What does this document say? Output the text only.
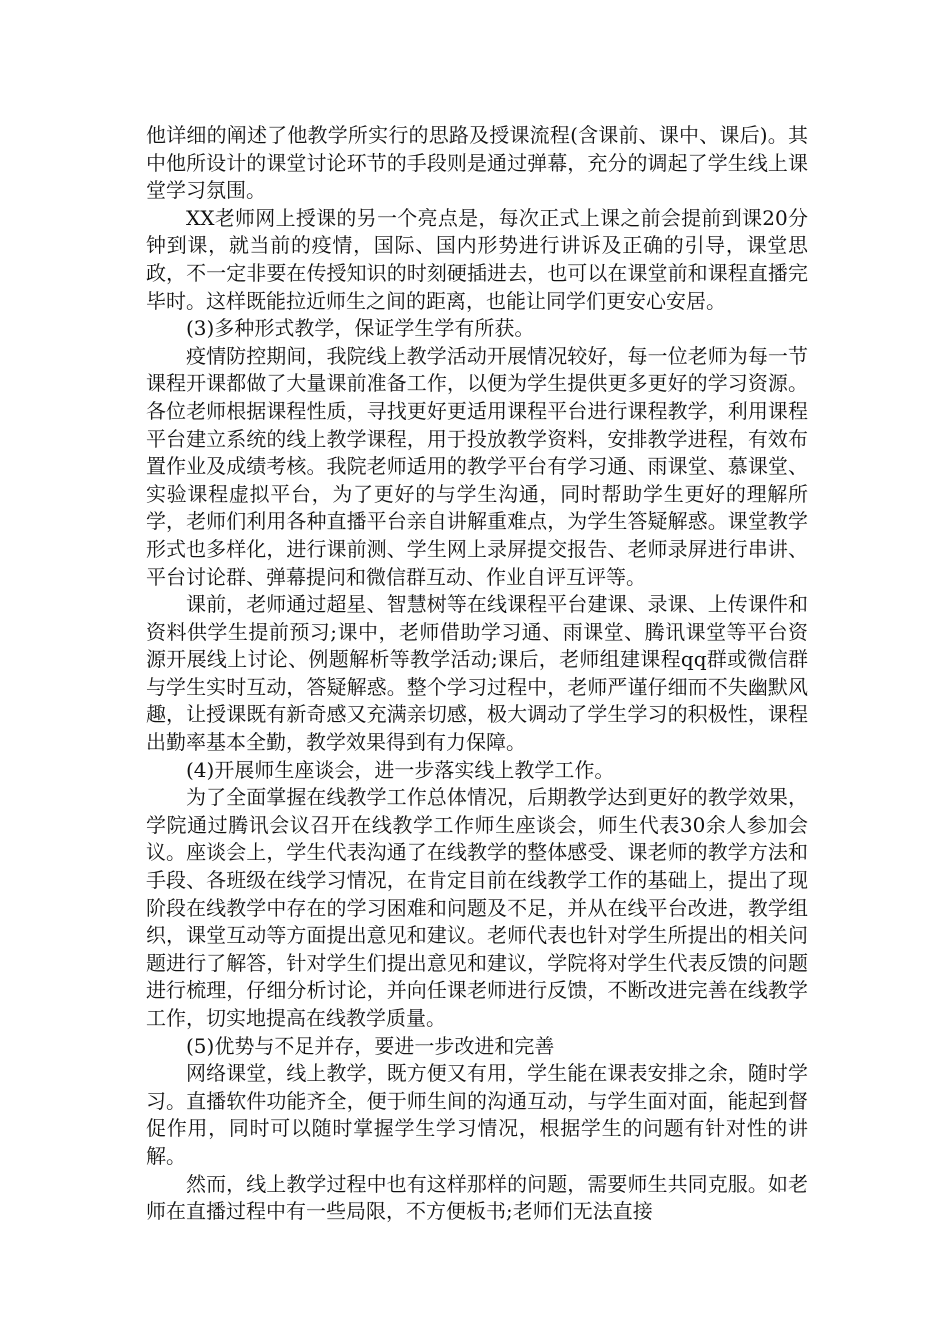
他详细的阐述了他教学所实行的思路及授课流程(含课前、课中、课后)。其中他所设计的课堂讨论环节的手段则是通过弹幕，充分的调起了学生线上课堂学习氛围。

XX老师网上授课的另一个亮点是，每次正式上课之前会提前到课20分钟到课，就当前的疫情，国际、国内形势进行讲诉及正确的引导，课堂思政，不一定非要在传授知识的时刻硬插进去，也可以在课堂前和课程直播完毕时。这样既能拉近师生之间的距离，也能让同学们更安心安居。

(3)多种形式教学，保证学生学有所获。

疫情防控期间，我院线上教学活动开展情况较好，每一位老师为每一节课程开课都做了大量课前准备工作，以便为学生提供更多更好的学习资源。各位老师根据课程性质，寻找更好更适用课程平台进行课程教学，利用课程平台建立系统的线上教学课程，用于投放教学资料，安排教学进程，有效布置作业及成绩考核。我院老师适用的教学平台有学习通、雨课堂、慕课堂、实验课程虚拟平台，为了更好的与学生沟通，同时帮助学生更好的理解所学，老师们利用各种直播平台亲自讲解重难点，为学生答疑解惑。课堂教学形式也多样化，进行课前测、学生网上录屏提交报告、老师录屏进行串讲、平台讨论群、弹幕提问和微信群互动、作业自评互评等。

课前，老师通过超星、智慧树等在线课程平台建课、录课、上传课件和资料供学生提前预习;课中，老师借助学习通、雨课堂、腾讯课堂等平台资源开展线上讨论、例题解析等教学活动;课后，老师组建课程qq群或微信群与学生实时互动，答疑解惑。整个学习过程中，老师严谨仔细而不失幽默风趣，让授课既有新奇感又充满亲切感，极大调动了学生学习的积极性，课程出勤率基本全勤，教学效果得到有力保障。

(4)开展师生座谈会，进一步落实线上教学工作。

为了全面掌握在线教学工作总体情况，后期教学达到更好的教学效果，学院通过腾讯会议召开在线教学工作师生座谈会，师生代表30余人参加会议。座谈会上，学生代表沟通了在线教学的整体感受、课老师的教学方法和手段、各班级在线学习情况，在肯定目前在线教学工作的基础上，提出了现阶段在线教学中存在的学习困难和问题及不足，并从在线平台改进，教学组织，课堂互动等方面提出意见和建议。老师代表也针对学生所提出的相关问题进行了解答，针对学生们提出意见和建议，学院将对学生代表反馈的问题进行梳理，仔细分析讨论，并向任课老师进行反馈，不断改进完善在线教学工作，切实地提高在线教学质量。

(5)优势与不足并存，要进一步改进和完善

网络课堂，线上教学，既方便又有用，学生能在课表安排之余，随时学习。直播软件功能齐全，便于师生间的沟通互动，与学生面对面，能起到督促作用，同时可以随时掌握学生学习情况，根据学生的问题有针对性的讲解。

然而，线上教学过程中也有这样那样的问题，需要师生共同克服。如老师在直播过程中有一些局限，不方便板书;老师们无法直接
